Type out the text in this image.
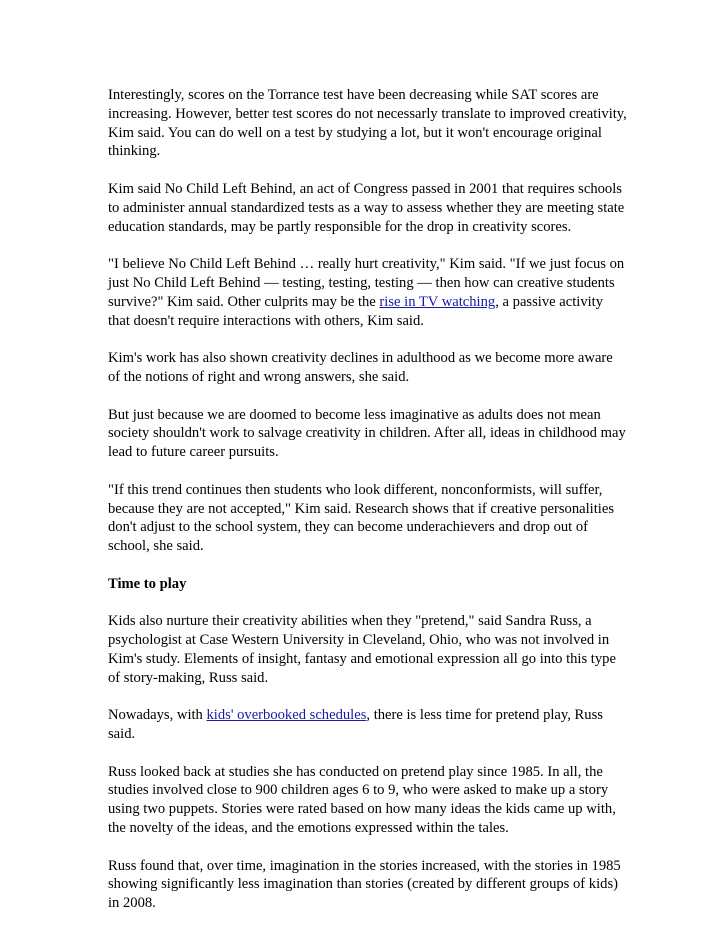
Interestingly, scores on the Torrance test have been decreasing while SAT scores are increasing. However, better test scores do not necessarly translate to improved creativity, Kim said. You can do well on a test by studying a lot, but it won't encourage original thinking.

Kim said No Child Left Behind, an act of Congress passed in 2001 that requires schools to administer annual standardized tests as a way to assess whether they are meeting state education standards, may be partly responsible for the drop in creativity scores.

"I believe No Child Left Behind … really hurt creativity," Kim said. "If we just focus on just No Child Left Behind — testing, testing, testing — then how can creative students survive?" Kim said. Other culprits may be the rise in TV watching, a passive activity that doesn't require interactions with others, Kim said.

Kim's work has also shown creativity declines in adulthood as we become more aware of the notions of right and wrong answers, she said.

But just because we are doomed to become less imaginative as adults does not mean society shouldn't work to salvage creativity in children. After all, ideas in childhood may lead to future career pursuits.

"If this trend continues then students who look different, nonconformists, will suffer, because they are not accepted," Kim said. Research shows that if creative personalities don't adjust to the school system, they can become underachievers and drop out of school, she said.

Time to play

Kids also nurture their creativity abilities when they "pretend," said Sandra Russ, a psychologist at Case Western University in Cleveland, Ohio, who was not involved in Kim's study. Elements of insight, fantasy and emotional expression all go into this type of story-making, Russ said.

Nowadays, with kids' overbooked schedules, there is less time for pretend play, Russ said.

Russ looked back at studies she has conducted on pretend play since 1985. In all, the studies involved close to 900 children ages 6 to 9, who were asked to make up a story using two puppets. Stories were rated based on how many ideas the kids came up with, the novelty of the ideas, and the emotions expressed within the tales.

Russ found that, over time, imagination in the stories increased, with the stories in 1985 showing significantly less imagination than stories (created by different groups of kids) in 2008.
